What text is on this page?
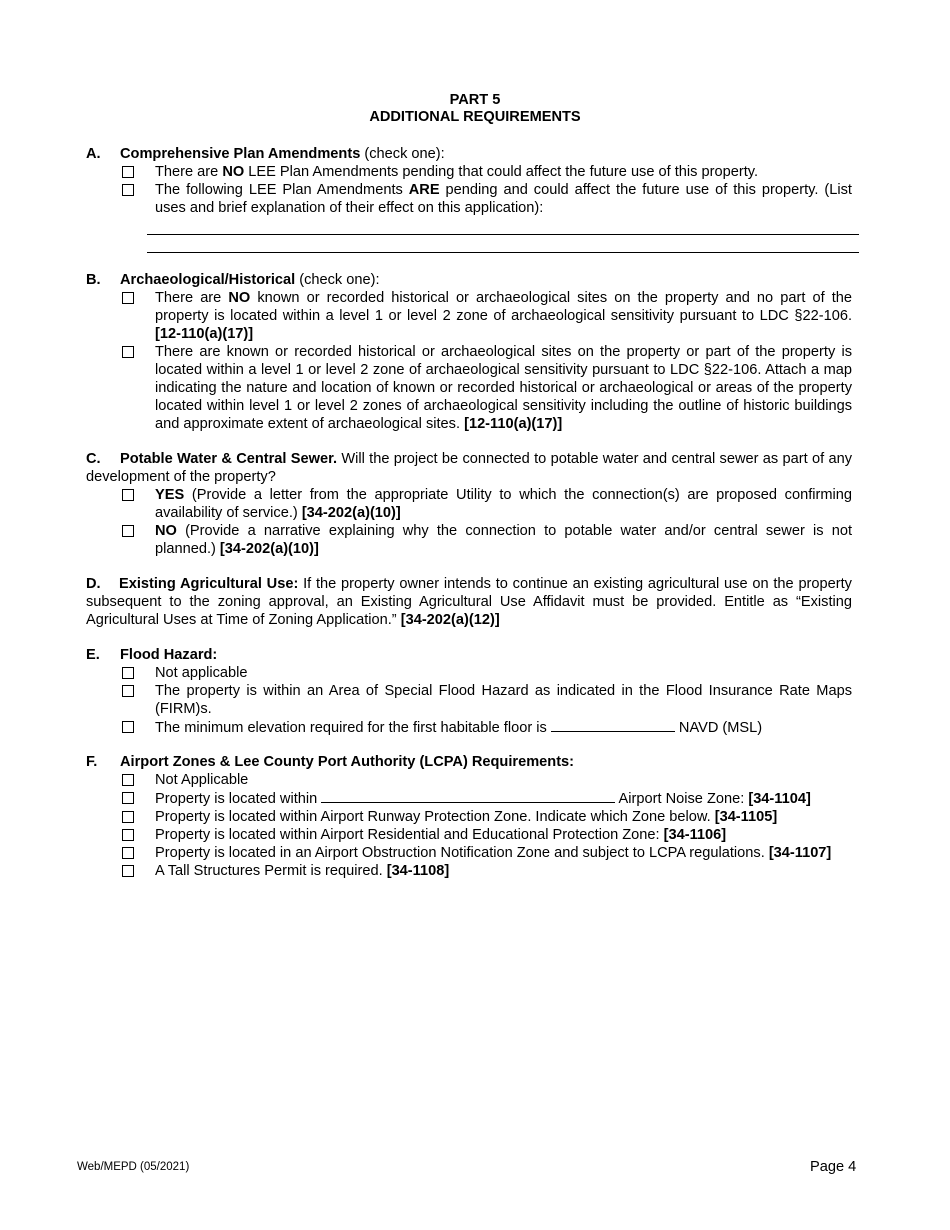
PART 5
ADDITIONAL REQUIREMENTS
A.	Comprehensive Plan Amendments (check one):
There are NO LEE Plan Amendments pending that could affect the future use of this property.
The following LEE Plan Amendments ARE pending and could affect the future use of this property. (List uses and brief explanation of their effect on this application):
B.	Archaeological/Historical (check one):
There are NO known or recorded historical or archaeological sites on the property and no part of the property is located within a level 1 or level 2 zone of archaeological sensitivity pursuant to LDC §22-106. [12-110(a)(17)]
There are known or recorded historical or archaeological sites on the property or part of the property is located within a level 1 or level 2 zone of archaeological sensitivity pursuant to LDC §22-106. Attach a map indicating the nature and location of known or recorded historical or archaeological or areas of the property located within level 1 or level 2 zones of archaeological sensitivity including the outline of historic buildings and approximate extent of archaeological sites. [12-110(a)(17)]
C.	Potable Water & Central Sewer. Will the project be connected to potable water and central sewer as part of any development of the property?
YES (Provide a letter from the appropriate Utility to which the connection(s) are proposed confirming availability of service.) [34-202(a)(10)]
NO (Provide a narrative explaining why the connection to potable water and/or central sewer is not planned.) [34-202(a)(10)]
D.	Existing Agricultural Use: If the property owner intends to continue an existing agricultural use on the property subsequent to the zoning approval, an Existing Agricultural Use Affidavit must be provided. Entitle as “Existing Agricultural Uses at Time of Zoning Application.” [34-202(a)(12)]
E.	Flood Hazard:
Not applicable
The property is within an Area of Special Flood Hazard as indicated in the Flood Insurance Rate Maps (FIRM)s.
The minimum elevation required for the first habitable floor is	NAVD (MSL)
F.	Airport Zones & Lee County Port Authority (LCPA) Requirements:
Not Applicable
Property is located within	Airport Noise Zone: [34-1104]
Property is located within Airport Runway Protection Zone. Indicate which Zone below. [34-1105]
Property is located within Airport Residential and Educational Protection Zone: [34-1106]
Property is located in an Airport Obstruction Notification Zone and subject to LCPA regulations. [34-1107]
A Tall Structures Permit is required. [34-1108]
Web/MEPD (05/2021)	Page 4
